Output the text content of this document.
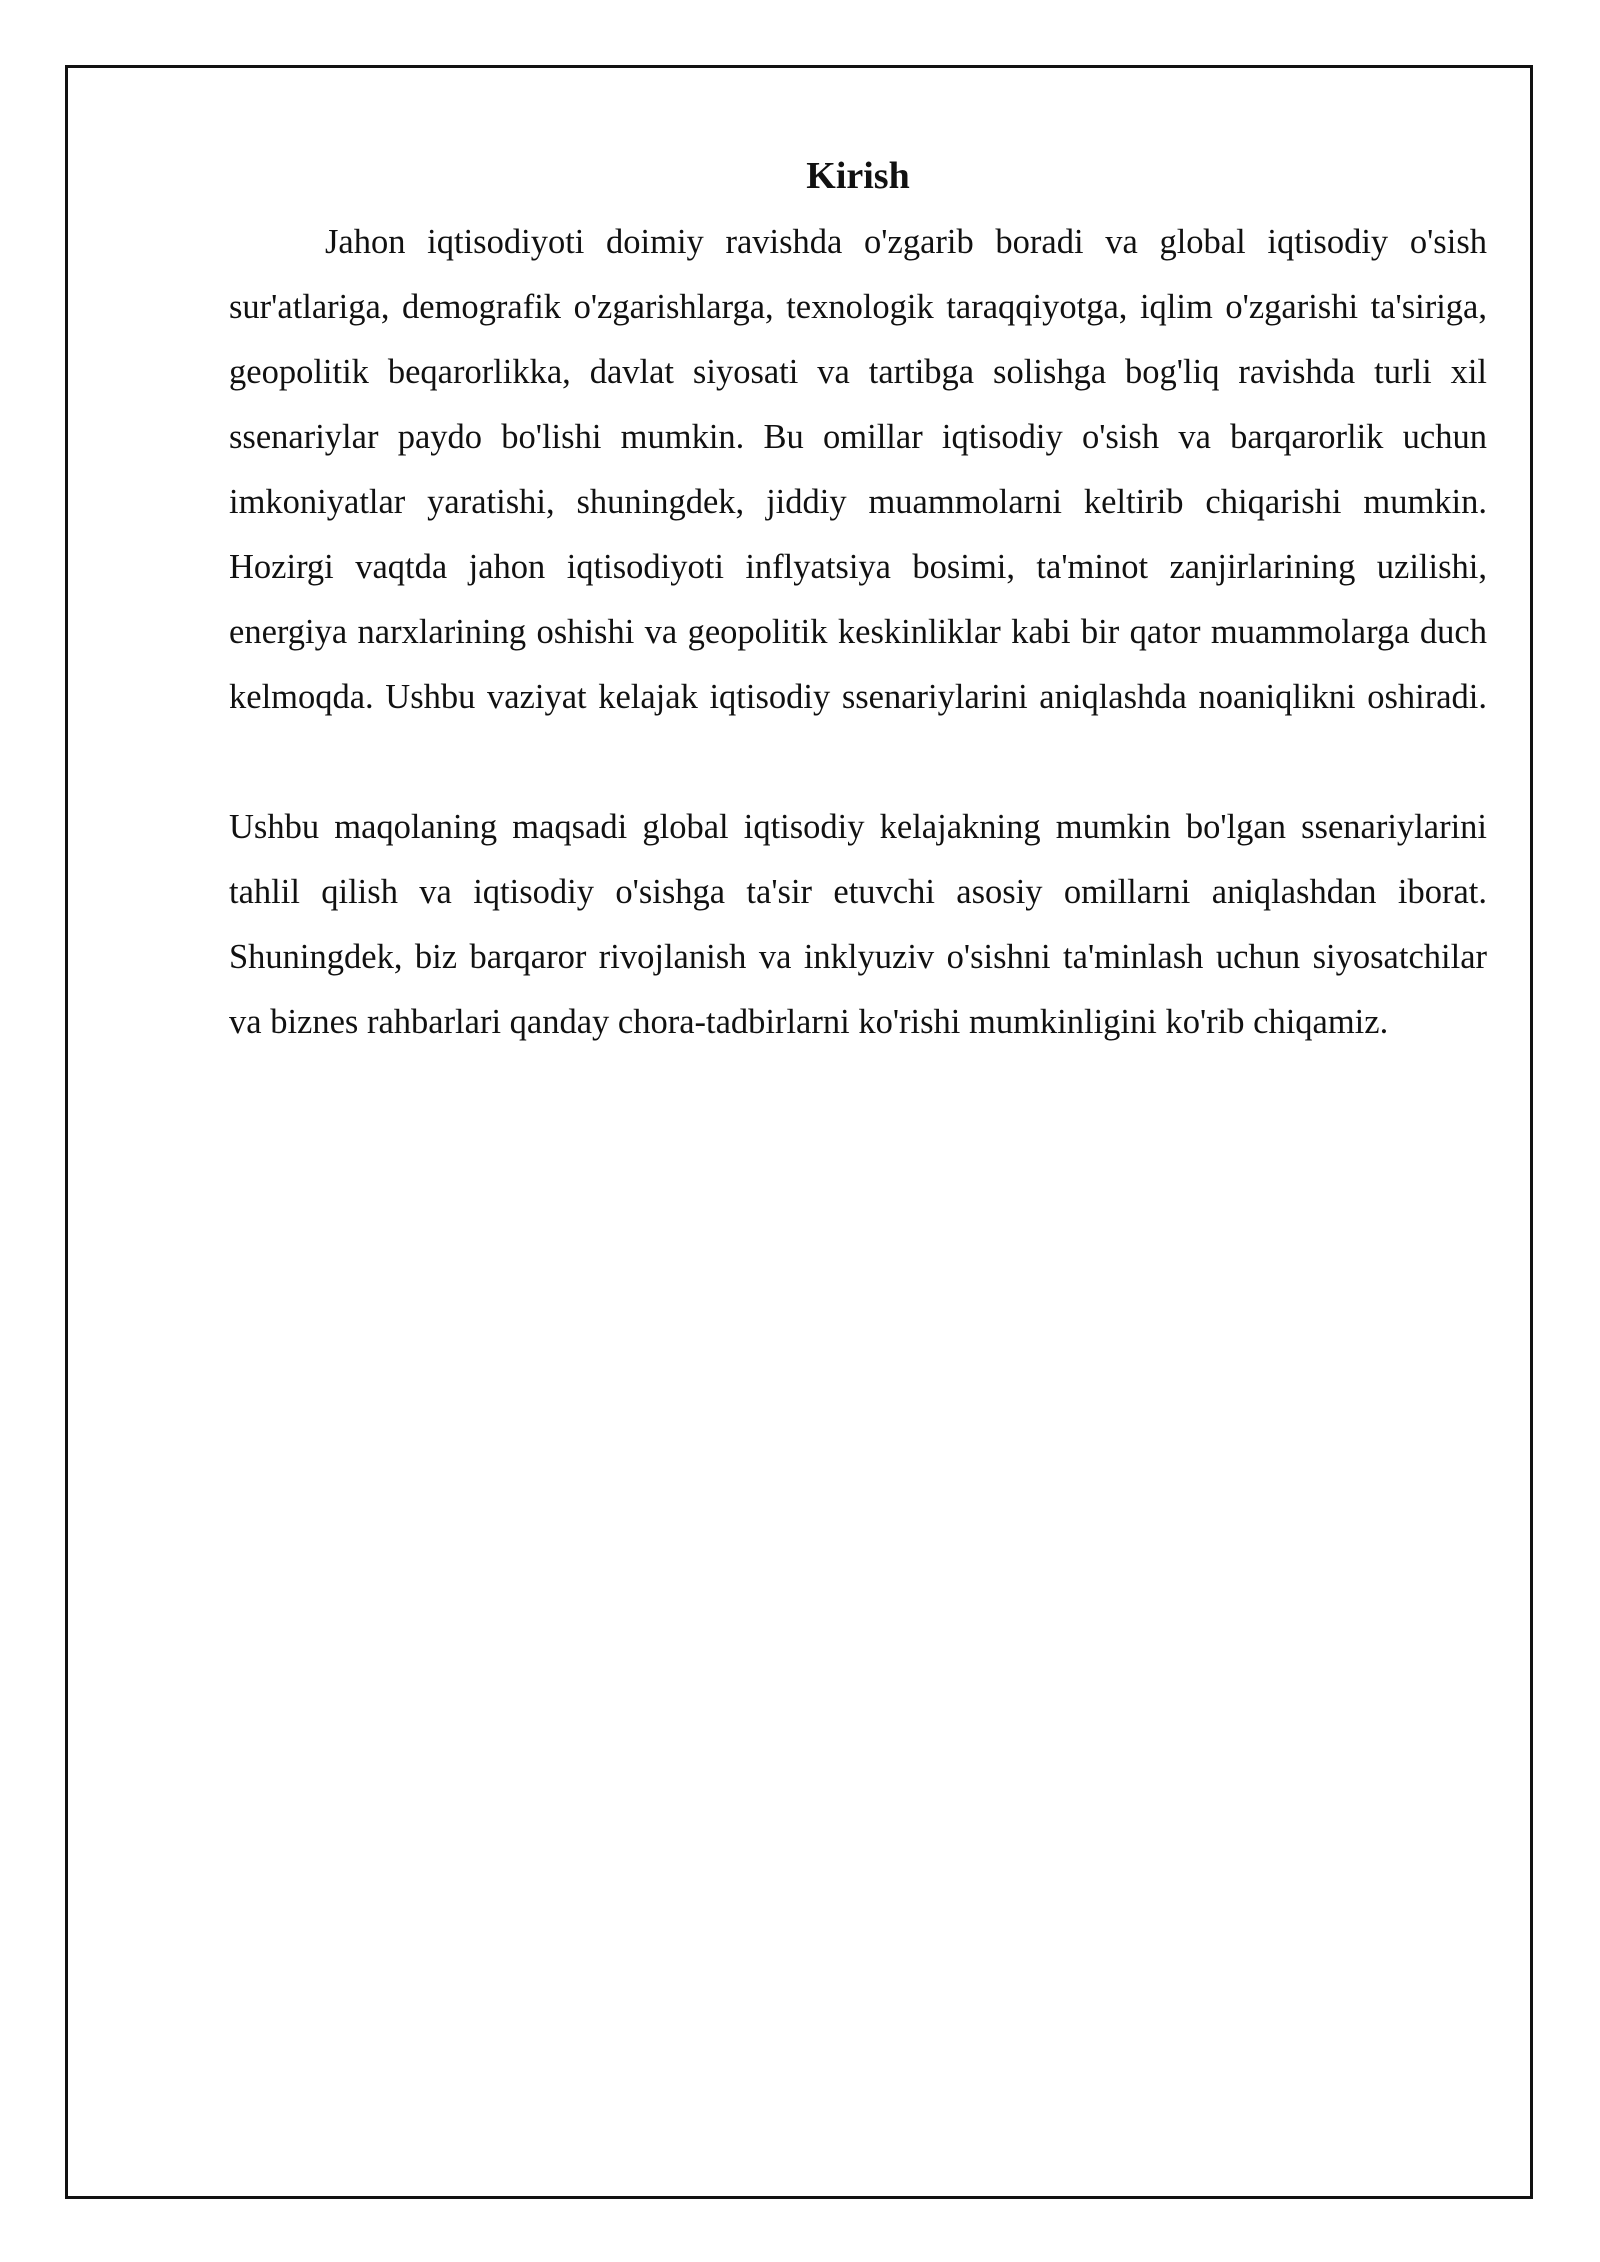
Kirish

Jahon iqtisodiyoti doimiy ravishda o'zgarib boradi va global iqtisodiy o'sish sur'atlariga, demografik o'zgarishlarga, texnologik taraqqiyotga, iqlim o'zgarishi ta'siriga, geopolitik beqarorlikka, davlat siyosati va tartibga solishga bog'liq ravishda turli xil ssenariylar paydo bo'lishi mumkin. Bu omillar iqtisodiy o'sish va barqarorlik uchun imkoniyatlar yaratishi, shuningdek, jiddiy muammolarni keltirib chiqarishi mumkin. Hozirgi vaqtda jahon iqtisodiyoti inflyatsiya bosimi, ta'minot zanjirlarining uzilishi, energiya narxlarining oshishi va geopolitik keskinliklar kabi bir qator muammolarga duch kelmoqda. Ushbu vaziyat kelajak iqtisodiy ssenariylarini aniqlashda noaniqlikni oshiradi.

Ushbu maqolaning maqsadi global iqtisodiy kelajakning mumkin bo'lgan ssenariylarini tahlil qilish va iqtisodiy o'sishga ta'sir etuvchi asosiy omillarni aniqlashdan iborat. Shuningdek, biz barqaror rivojlanish va inklyuziv o'sishni ta'minlash uchun siyosatchilar va biznes rahbarlari qanday chora-tadbirlarni ko'rishi mumkinligini ko'rib chiqamiz.
